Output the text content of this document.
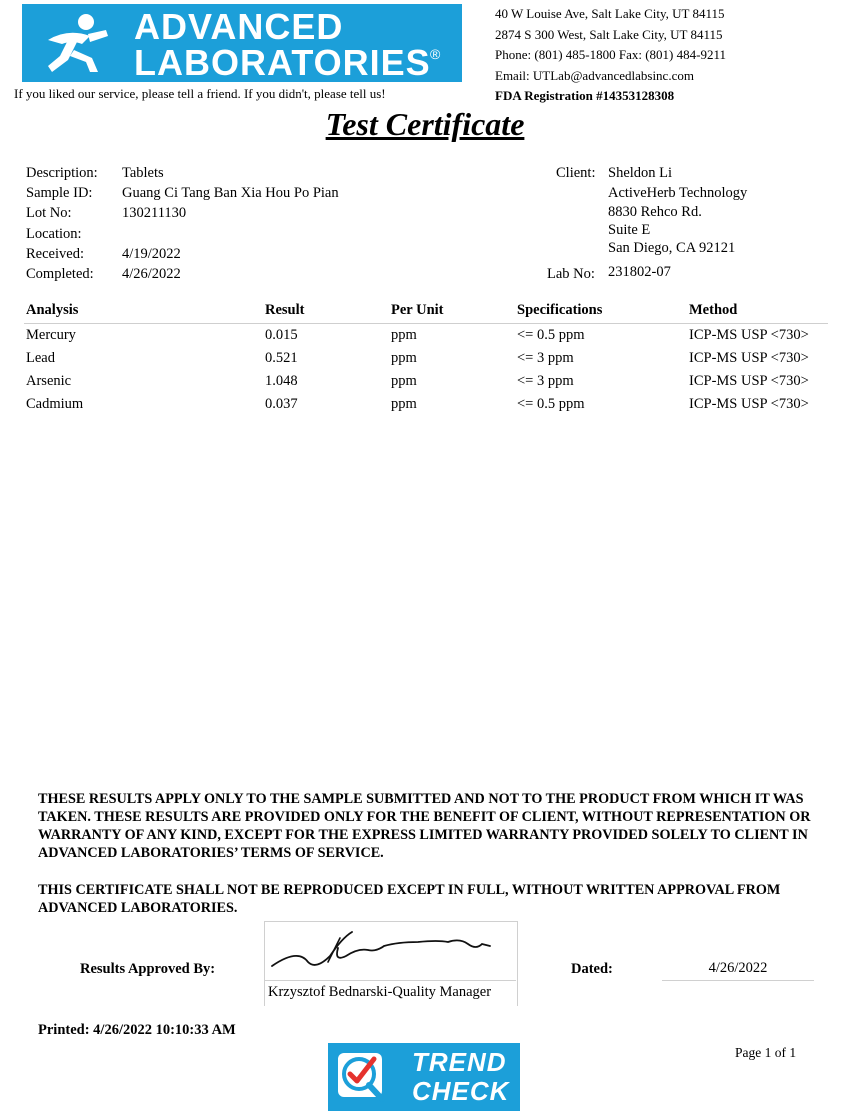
ADVANCED
LABORATORIES ®
If you liked our service, please tell a friend. If you didn't, please tell us!
40 W Louise Ave, Salt Lake City, UT 84115
2874 S 300 West, Salt Lake City, UT 84115
Phone: (801) 485-1800 Fax: (801) 484-9211
Email: UTLab@advancedlabsinc.com
FDA Registration #14353128308
Test Certificate
Description: Tablets
Sample ID: Guang Ci Tang Ban Xia Hou Po Pian
Lot No:	130211130
Location:
Received:	4/19/2022
Completed: 4/26/2022
Client: Sheldon Li
ActiveHerb Technology
8830 Rehco Rd.
Suite E
San Diego, CA 92121
Lab No: 231802-07
Analysis	Result	Per Unit	Specifications	Method
Mercury	0.015	ppm	<= 0.5 ppm	ICP-MS USP <730>
Lead	0.521	ppm	<= 3 ppm	ICP-MS USP <730>
Arsenic	1.048	ppm	<= 3 ppm	ICP-MS USP <730>
Cadmium	0.037	ppm	<= 0.5 ppm	ICP-MS USP <730>
THESE RESULTS APPLY ONLY TO THE SAMPLE SUBMITTED AND NOT TO THE PRODUCT FROM WHICH IT WAS TAKEN. THESE RESULTS ARE PROVIDED ONLY FOR THE BENEFIT OF CLIENT, WITHOUT REPRESENTATION OR WARRANTY OF ANY KIND, EXCEPT FOR THE EXPRESS LIMITED WARRANTY PROVIDED SOLELY TO CLIENT IN ADVANCED LABORATORIES’ TERMS OF SERVICE.
THIS CERTIFICATE SHALL NOT BE REPRODUCED EXCEPT IN FULL, WITHOUT WRITTEN APPROVAL FROM ADVANCED LABORATORIES.
Results Approved By:
Krzysztof Bednarski-Quality Manager
Dated:	4/26/2022
Printed: 4/26/2022 10:10:33 AM
Page 1 of 1
TREND
CHECK
